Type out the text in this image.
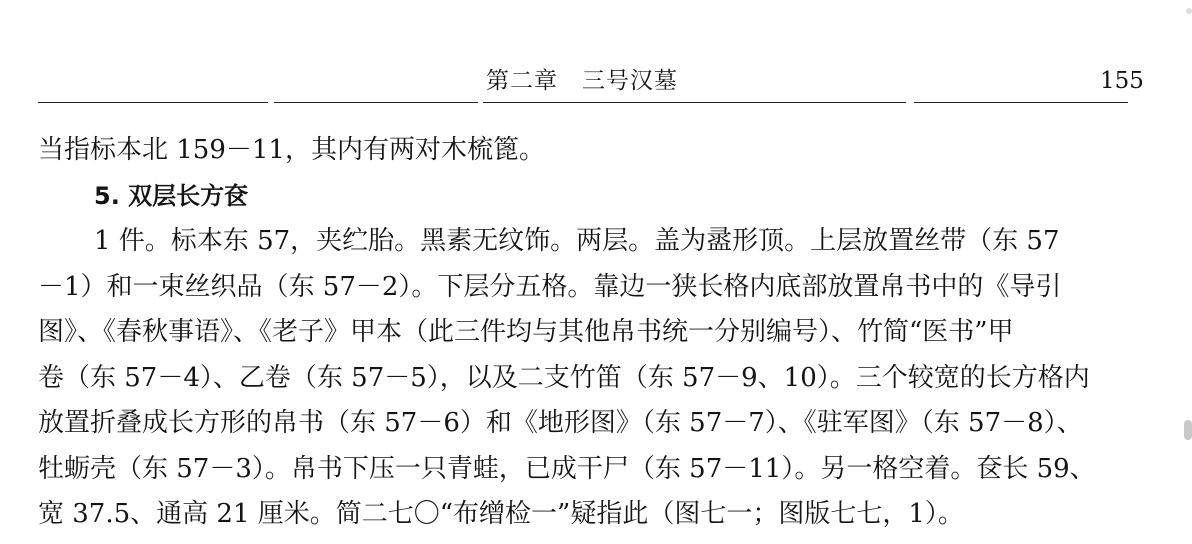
第二章　三号汉墓	155

当指标本北 159－11，其内有两对木梳篦。

5. 双层长方奁

1 件。标本东 57，夹纻胎。黑素无纹饰。两层。盖为盝形顶。上层放置丝带（东 57

－1）和一束丝织品（东 57－2）。下层分五格。靠边一狭长格内底部放置帛书中的《导引

图》、《春秋事语》、《老子》甲本（此三件均与其他帛书统一分别编号）、竹简“医书”甲

卷（东 57－4）、乙卷（东 57－5），以及二支竹笛（东 57－9、10）。三个较宽的长方格内

放置折叠成长方形的帛书（东 57－6）和《地形图》（东 57－7）、《驻军图》（东 57－8）、

牡蛎壳（东 57－3）。帛书下压一只青蛙，已成干尸（东 57－11）。另一格空着。奁长 59、

宽 37.5、通高 21 厘米。简二七〇“布缯检一”疑指此（图七一；图版七七，1）。
